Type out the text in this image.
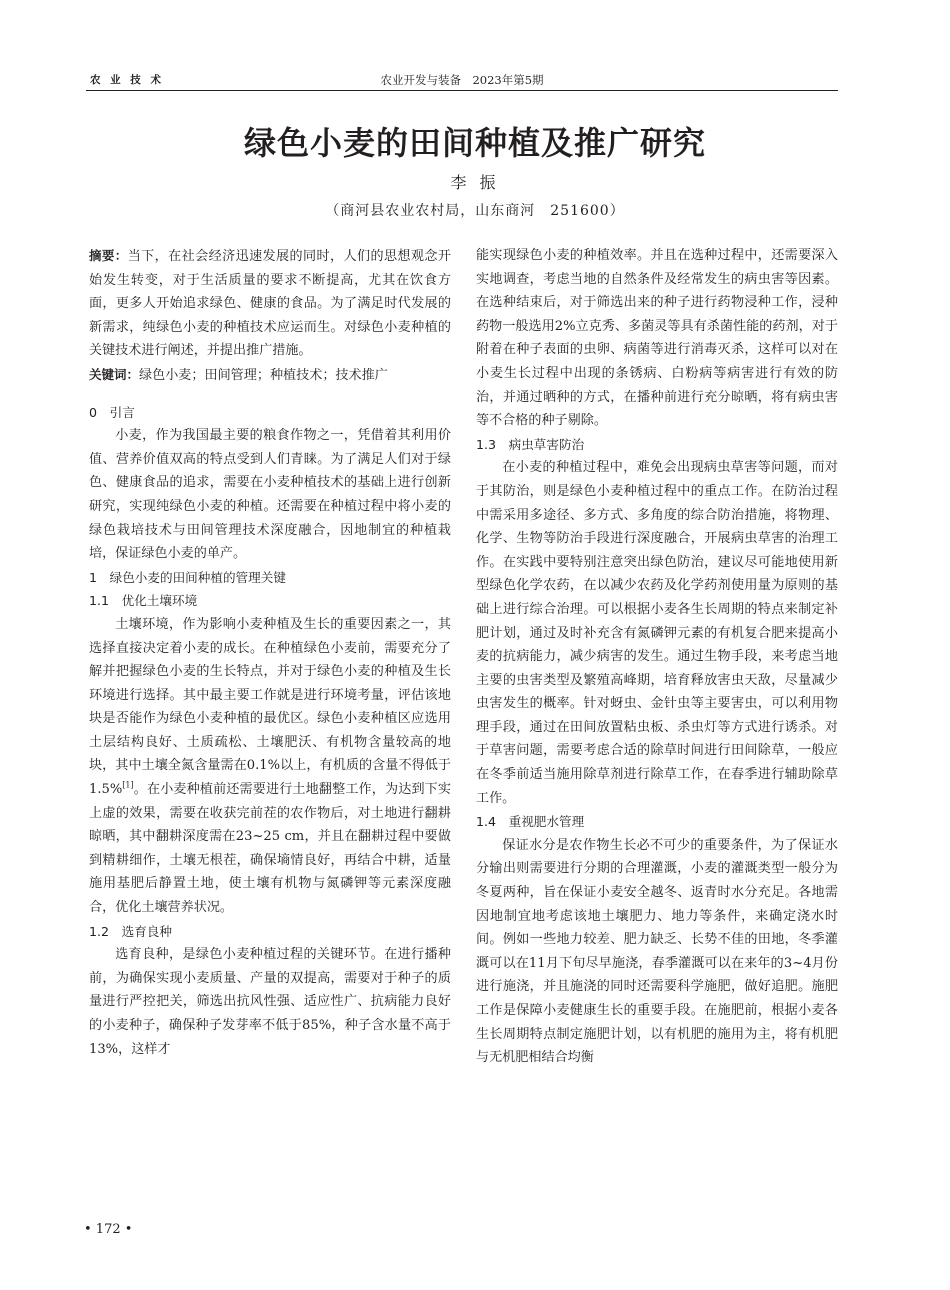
农 业 技 术	农业开发与装备　2023年第5期
绿色小麦的田间种植及推广研究
李 振
（商河县农业农村局，山东商河　251600）

摘要：当下，在社会经济迅速发展的同时，人们的思想观念开始发生转变，对于生活质量的要求不断提高，尤其在饮食方面，更多人开始追求绿色、健康的食品。为了满足时代发展的新需求，纯绿色小麦的种植技术应运而生。对绿色小麦种植的关键技术进行阐述，并提出推广措施。

关键词：绿色小麦；田间管理；种植技术；技术推广

0　引言

小麦，作为我国最主要的粮食作物之一，凭借着其利用价值、营养价值双高的特点受到人们青睐。为了满足人们对于绿色、健康食品的追求，需要在小麦种植技术的基础上进行创新研究，实现纯绿色小麦的种植。还需要在种植过程中将小麦的绿色栽培技术与田间管理技术深度融合，因地制宜的种植栽培，保证绿色小麦的单产。

1　绿色小麦的田间种植的管理关键
1.1　优化土壤环境

土壤环境，作为影响小麦种植及生长的重要因素之一，其选择直接决定着小麦的成长。在种植绿色小麦前，需要充分了解并把握绿色小麦的生长特点，并对于绿色小麦的种植及生长环境进行选择。其中最主要工作就是进行环境考量，评估该地块是否能作为绿色小麦种植的最优区。绿色小麦种植区应选用土层结构良好、土质疏松、土壤肥沃、有机物含量较高的地块，其中土壤全氮含量需在0.1%以上，有机质的含量不得低于1.5%[1]。在小麦种植前还需要进行土地翻整工作，为达到下实上虚的效果，需要在收获完前茬的农作物后，对土地进行翻耕晾晒，其中翻耕深度需在23~25 cm，并且在翻耕过程中要做到精耕细作，土壤无根茬，确保墒情良好，再结合中耕，适量施用基肥后静置土地，使土壤有机物与氮磷钾等元素深度融合，优化土壤营养状况。

1.2　选育良种

选育良种，是绿色小麦种植过程的关键环节。在进行播种前，为确保实现小麦质量、产量的双提高，需要对于种子的质量进行严控把关，筛选出抗风性强、适应性广、抗病能力良好的小麦种子，确保种子发芽率不低于85%，种子含水量不高于13%，这样才

能实现绿色小麦的种植效率。并且在选种过程中，还需要深入实地调查，考虑当地的自然条件及经常发生的病虫害等因素。在选种结束后，对于筛选出来的种子进行药物浸种工作，浸种药物一般选用2%立克秀、多菌灵等具有杀菌性能的药剂，对于附着在种子表面的虫卵、病菌等进行消毒灭杀，这样可以对在小麦生长过程中出现的条锈病、白粉病等病害进行有效的防治，并通过晒种的方式，在播种前进行充分晾晒，将有病虫害等不合格的种子剔除。

1.3　病虫草害防治

在小麦的种植过程中，难免会出现病虫草害等问题，而对于其防治，则是绿色小麦种植过程中的重点工作。在防治过程中需采用多途径、多方式、多角度的综合防治措施，将物理、化学、生物等防治手段进行深度融合，开展病虫草害的治理工作。在实践中要特别注意突出绿色防治，建议尽可能地使用新型绿色化学农药，在以减少农药及化学药剂使用量为原则的基础上进行综合治理。可以根据小麦各生长周期的特点来制定补肥计划，通过及时补充含有氮磷钾元素的有机复合肥来提高小麦的抗病能力，减少病害的发生。通过生物手段，来考虑当地主要的虫害类型及繁殖高峰期，培育释放害虫天敌，尽量减少虫害发生的概率。针对蚜虫、金针虫等主要害虫，可以利用物理手段，通过在田间放置粘虫板、杀虫灯等方式进行诱杀。对于草害问题，需要考虑合适的除草时间进行田间除草，一般应在冬季前适当施用除草剂进行除草工作，在春季进行辅助除草工作。

1.4　重视肥水管理

保证水分是农作物生长必不可少的重要条件，为了保证水分输出则需要进行分期的合理灌溉，小麦的灌溉类型一般分为冬夏两种，旨在保证小麦安全越冬、返青时水分充足。各地需因地制宜地考虑该地土壤肥力、地力等条件，来确定浇水时间。例如一些地力较差、肥力缺乏、长势不佳的田地，冬季灌溉可以在11月下旬尽早施浇，春季灌溉可以在来年的3~4月份进行施浇，并且施浇的同时还需要科学施肥，做好追肥。施肥工作是保障小麦健康生长的重要手段。在施肥前，根据小麦各生长周期特点制定施肥计划，以有机肥的施用为主，将有机肥与无机肥相结合均衡

• 172 •
